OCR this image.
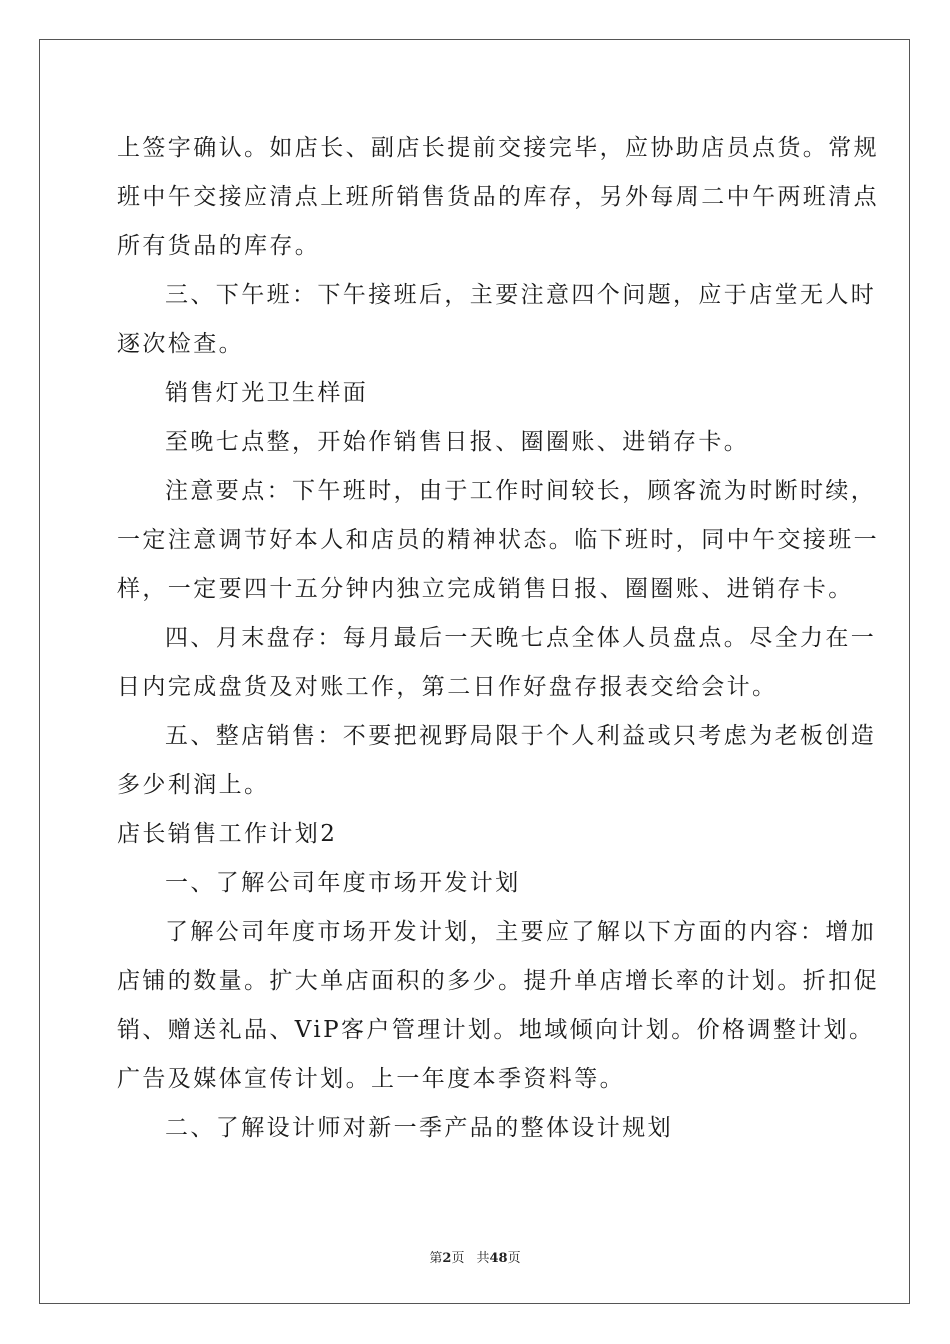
上签字确认。如店长、副店长提前交接完毕，应协助店员点货。常规
班中午交接应清点上班所销售货品的库存，另外每周二中午两班清点
所有货品的库存。
三、下午班：下午接班后，主要注意四个问题，应于店堂无人时
逐次检查。
销售灯光卫生样面
至晚七点整，开始作销售日报、圈圈账、进销存卡。
注意要点：下午班时，由于工作时间较长，顾客流为时断时续，
一定注意调节好本人和店员的精神状态。临下班时，同中午交接班一
样，一定要四十五分钟内独立完成销售日报、圈圈账、进销存卡。
四、月末盘存：每月最后一天晚七点全体人员盘点。尽全力在一
日内完成盘货及对账工作，第二日作好盘存报表交给会计。
五、整店销售：不要把视野局限于个人利益或只考虑为老板创造
多少利润上。
店长销售工作计划2
一、了解公司年度市场开发计划
了解公司年度市场开发计划，主要应了解以下方面的内容：增加
店铺的数量。扩大单店面积的多少。提升单店增长率的计划。折扣促
销、赠送礼品、ViP客户管理计划。地域倾向计划。价格调整计划。
广告及媒体宣传计划。上一年度本季资料等。
二、了解设计师对新一季产品的整体设计规划
第2页 共48页
